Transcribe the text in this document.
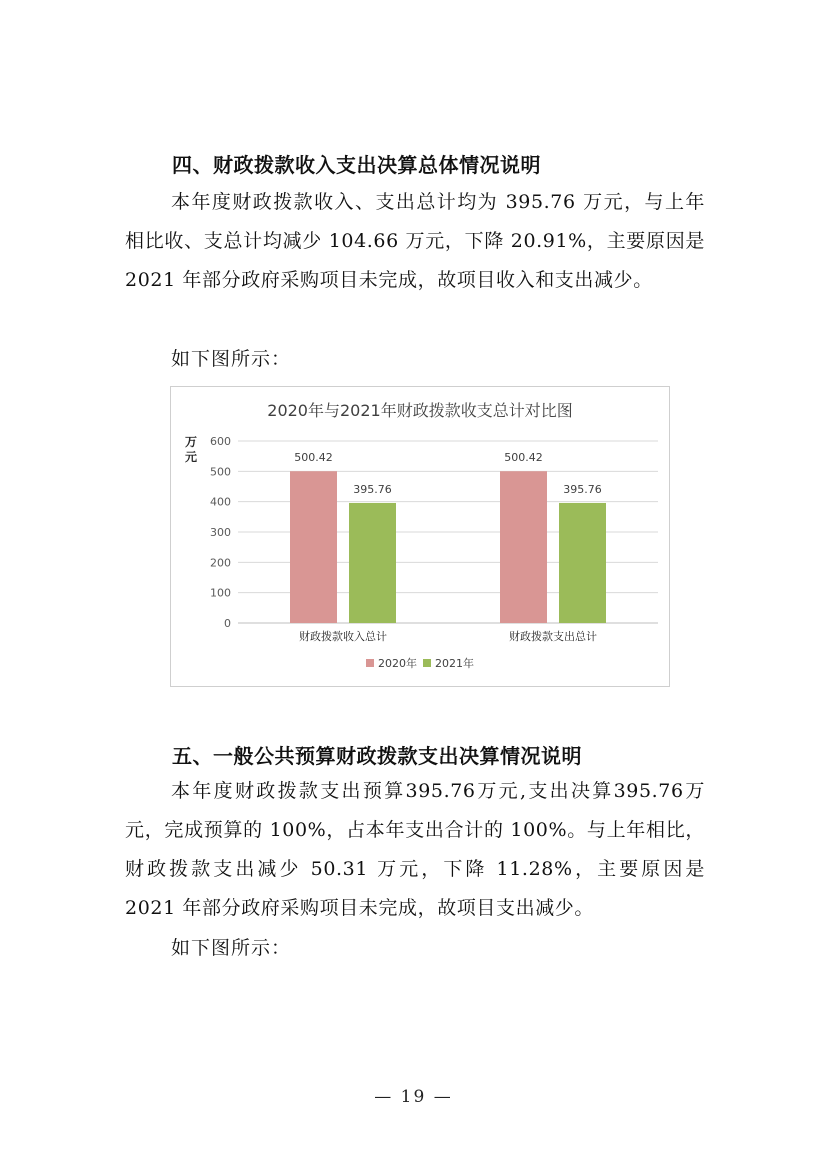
四、财政拨款收入支出决算总体情况说明

本年度财政拨款收入、支出总计均为 395.76 万元，与上年相比收、支总计均减少 104.66 万元，下降 20.91%，主要原因是 2021 年部分政府采购项目未完成，故项目收入和支出减少。

如下图所示：
2020年与2021年财政拨款收支总计对比图
万元
0
100
200
300
400
500
600
500.42
395.76
财政拨款收入总计
500.42
395.76
财政拨款支出总计
2020年 2021年
五、一般公共预算财政拨款支出决算情况说明

本年度财政拨款支出预算395.76万元,支出决算395.76万元，完成预算的 100%，占本年支出合计的 100%。与上年相比，财政拨款支出减少 50.31 万元，下降 11.28%，主要原因是 2021 年部分政府采购项目未完成，故项目支出减少。

如下图所示：
— 19 —
